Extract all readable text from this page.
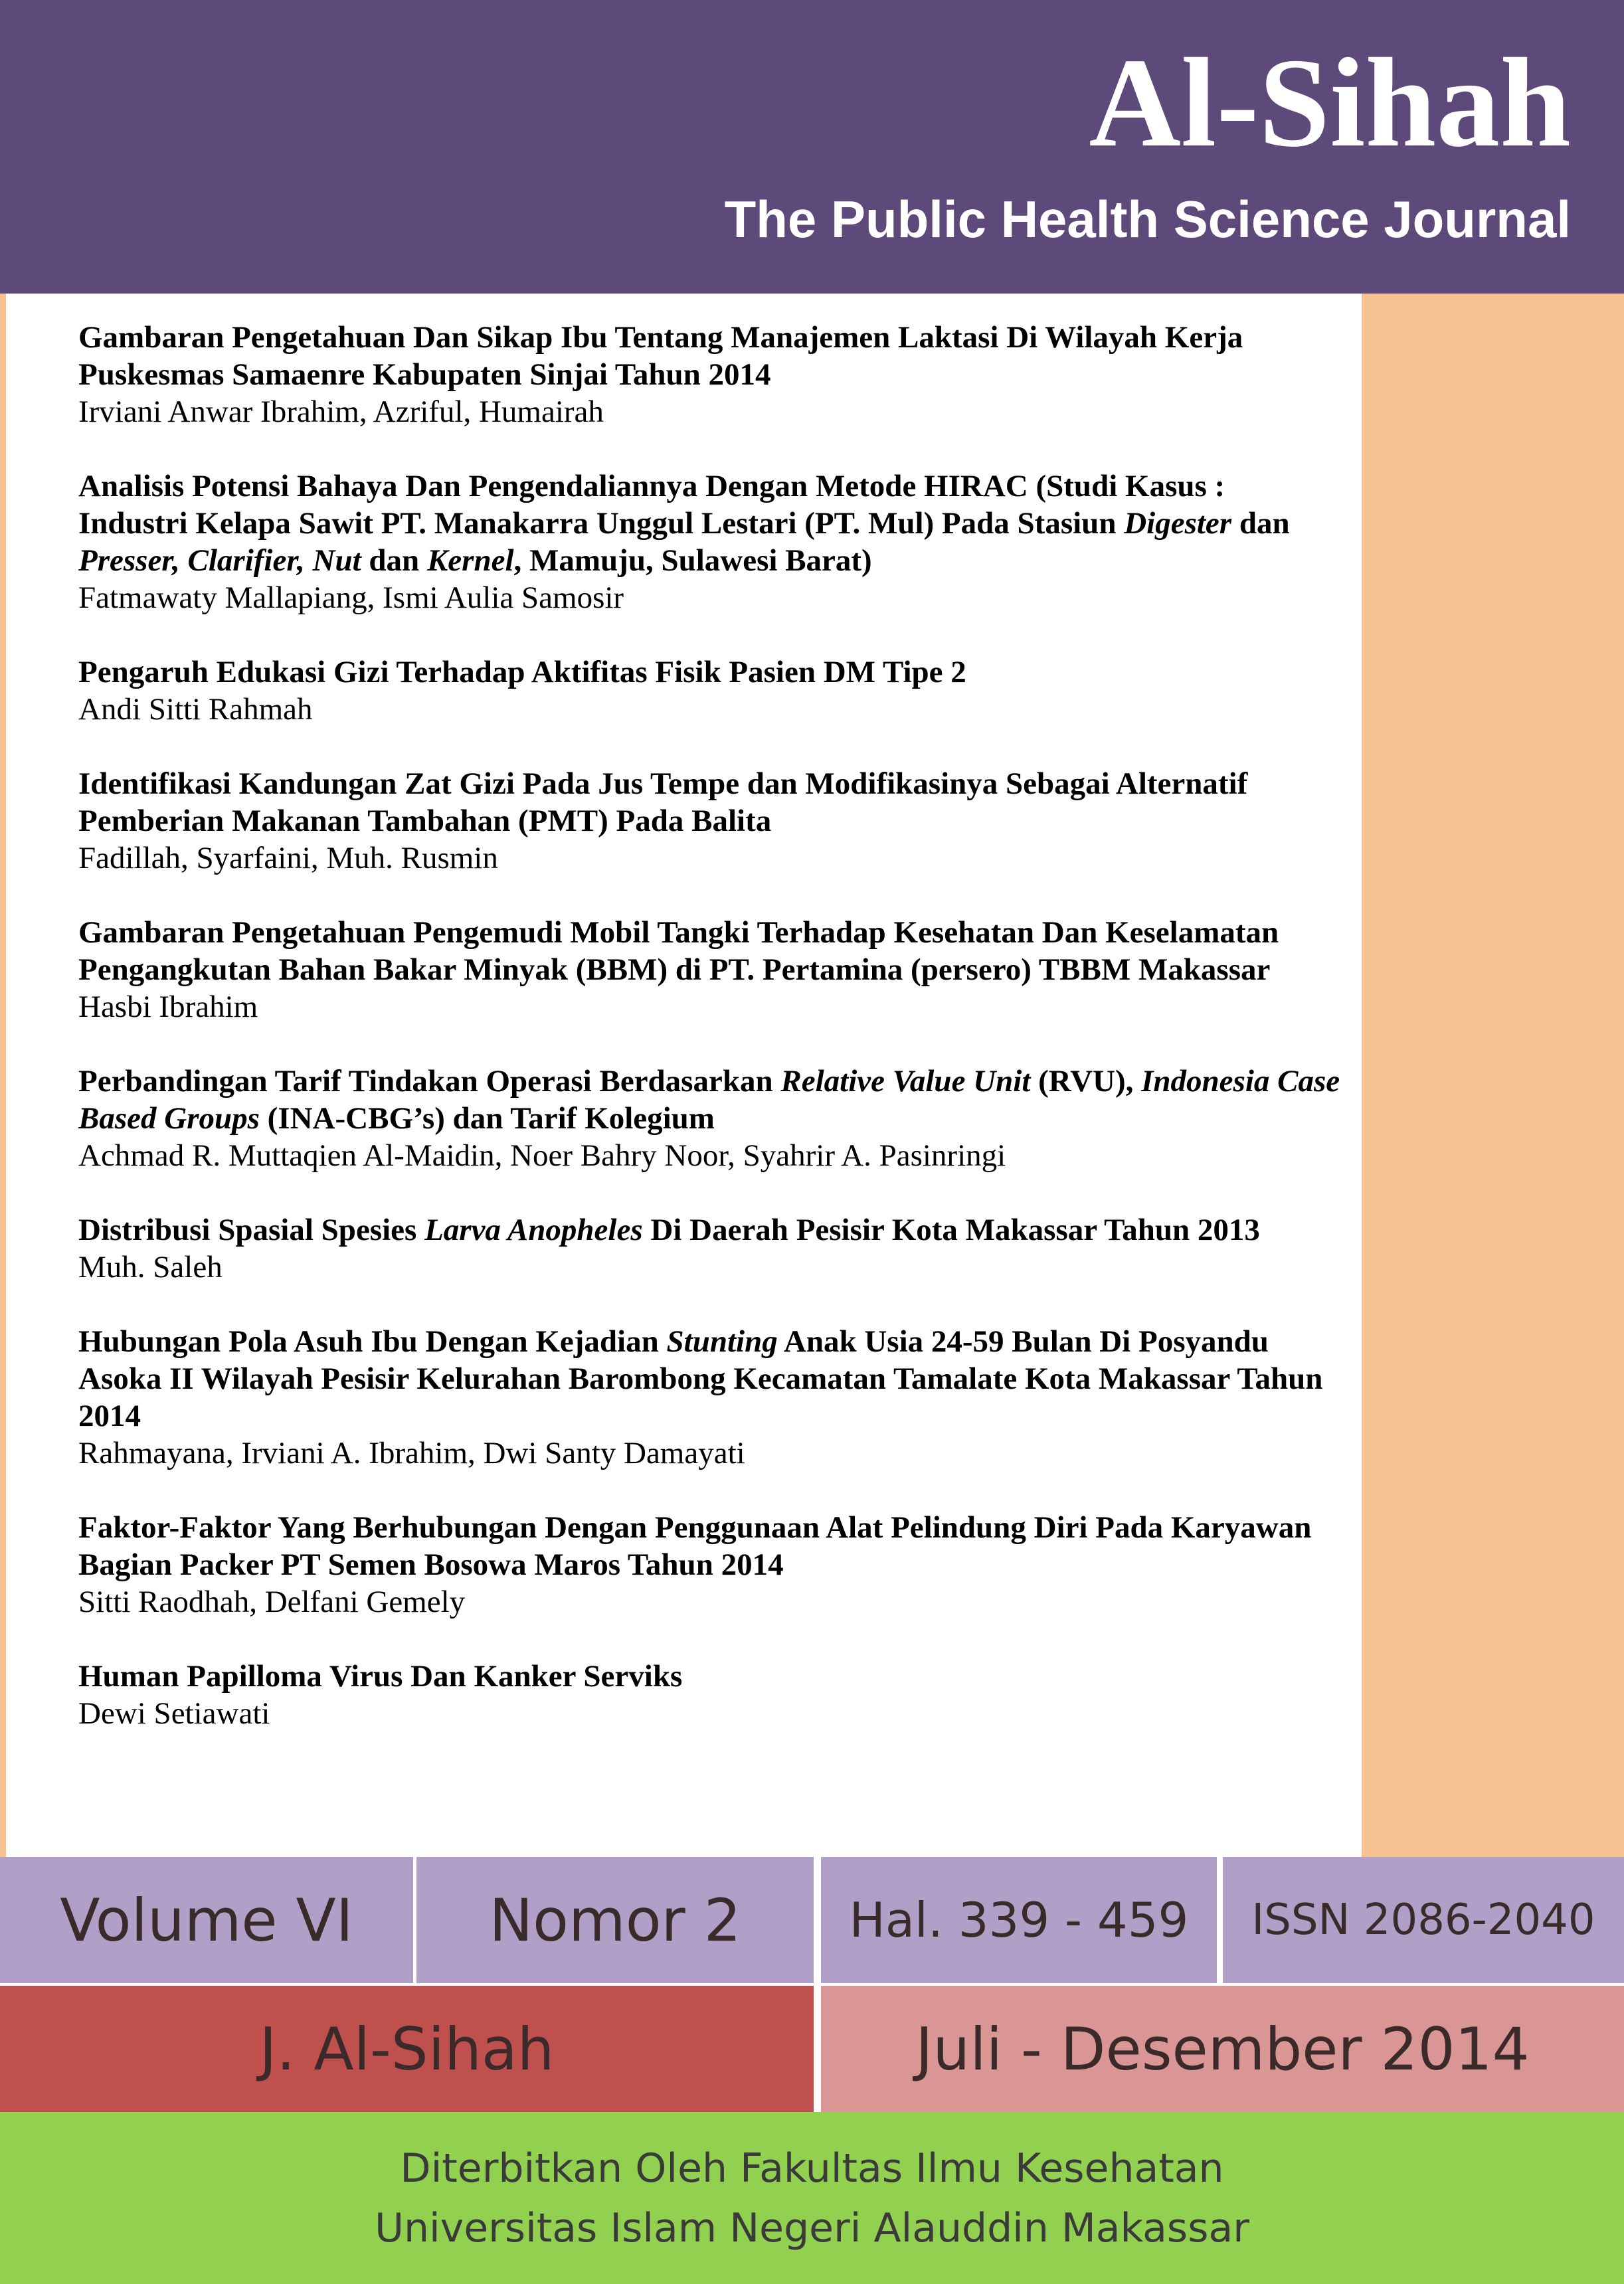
Al-Sihah
The Public Health Science Journal

Gambaran Pengetahuan Dan Sikap Ibu Tentang Manajemen Laktasi Di Wilayah Kerja Puskesmas Samaenre Kabupaten Sinjai Tahun 2014

Irviani Anwar Ibrahim, Azriful, Humairah

Analisis Potensi Bahaya Dan Pengendaliannya Dengan Metode HIRAC (Studi Kasus : Industri Kelapa Sawit PT. Manakarra Unggul Lestari (PT. Mul) Pada Stasiun Digester dan Presser, Clarifier, Nut dan Kernel, Mamuju, Sulawesi Barat)

Fatmawaty Mallapiang, Ismi Aulia Samosir

Pengaruh Edukasi Gizi Terhadap Aktifitas Fisik Pasien DM Tipe 2

Andi Sitti Rahmah

Identifikasi Kandungan Zat Gizi Pada Jus Tempe dan Modifikasinya Sebagai Alternatif Pemberian Makanan Tambahan (PMT) Pada Balita

Fadillah, Syarfaini, Muh. Rusmin

Gambaran Pengetahuan Pengemudi Mobil Tangki Terhadap Kesehatan Dan Keselamatan Pengangkutan Bahan Bakar Minyak (BBM) di PT. Pertamina (persero) TBBM Makassar

Hasbi Ibrahim

Perbandingan Tarif Tindakan Operasi Berdasarkan Relative Value Unit (RVU), Indonesia Case Based Groups (INA-CBG’s) dan Tarif Kolegium

Achmad R. Muttaqien Al-Maidin, Noer Bahry Noor, Syahrir A. Pasinringi

Distribusi Spasial Spesies Larva Anopheles Di Daerah Pesisir Kota Makassar Tahun 2013

Muh. Saleh

Hubungan Pola Asuh Ibu Dengan Kejadian Stunting Anak Usia 24-59 Bulan Di Posyandu Asoka II Wilayah Pesisir Kelurahan Barombong Kecamatan Tamalate Kota Makassar Tahun 2014

Rahmayana, Irviani A. Ibrahim, Dwi Santy Damayati

Faktor-Faktor Yang Berhubungan Dengan Penggunaan Alat Pelindung Diri Pada Karyawan Bagian Packer PT Semen Bosowa Maros Tahun 2014

Sitti Raodhah, Delfani Gemely

Human Papilloma Virus Dan Kanker Serviks

Dewi Setiawati

Volume VI Nomor 2 Hal. 339 - 459 ISSN 2086-2040
J. Al-Sihah	Juli - Desember 2014
Diterbitkan Oleh Fakultas Ilmu Kesehatan
Universitas Islam Negeri Alauddin Makassar
